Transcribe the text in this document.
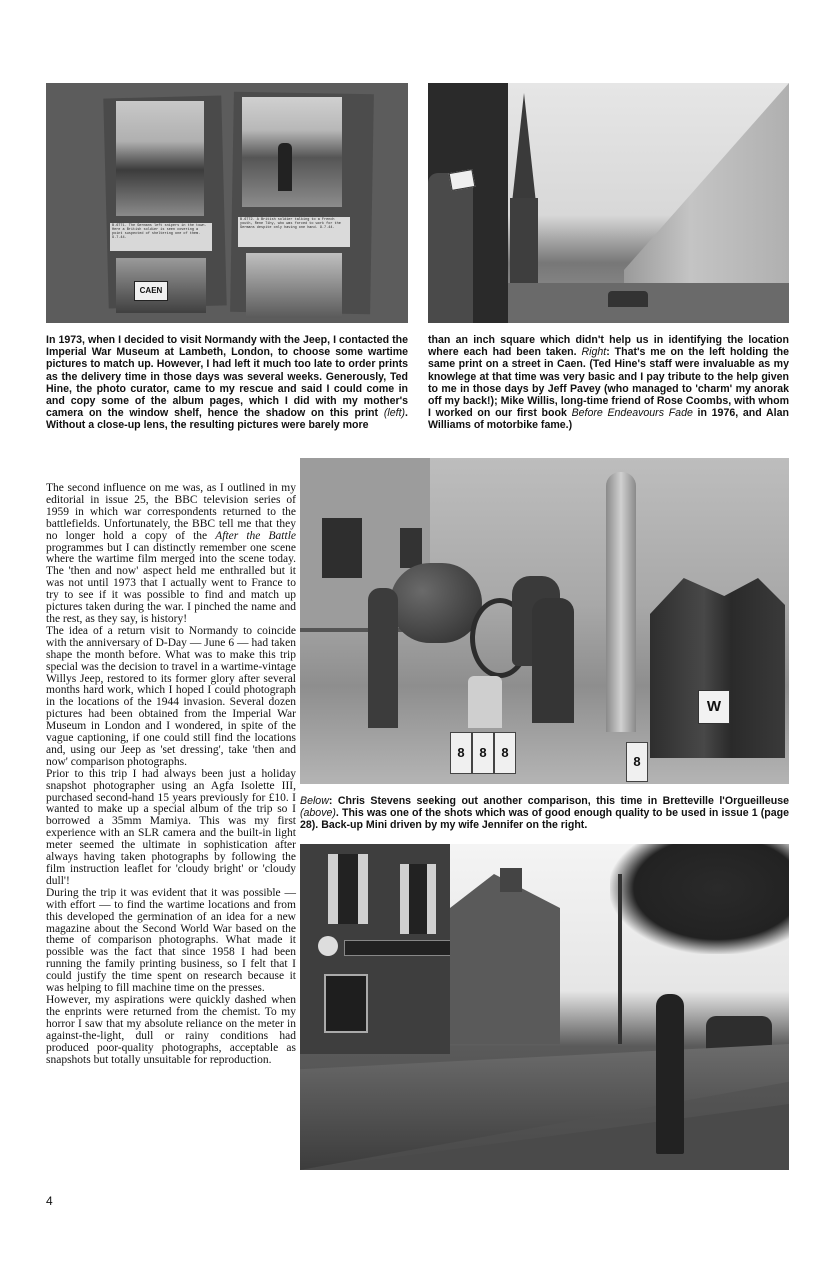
B.6771. The Germans left snipers in the town. Here a British soldier is seen covering a point suspected of sheltering one of them. 9.7.44.
CAEN
B.6772. A British soldier talking to a French youth, Rene Tihy, who was forced to work for the Germans despite only having one hand. 9.7.44.
In 1973, when I decided to visit Normandy with the Jeep, I contacted the Imperial War Museum at Lambeth, London, to choose some wartime pictures to match up. However, I had left it much too late to order prints as the delivery time in those days was several weeks. Generously, Ted Hine, the photo curator, came to my rescue and said I could come in and copy some of the album pages, which I did with my mother's camera on the window shelf, hence the shadow on this print (left). Without a close-up lens, the resulting pictures were barely more
than an inch square which didn't help us in identifying the location where each had been taken. Right: That's me on the left holding the same print on a street in Caen. (Ted Hine's staff were invaluable as my knowlege at that time was very basic and I pay tribute to the help given to me in those days by Jeff Pavey (who managed to 'charm' my anorak off my back!); Mike Willis, long-time friend of Rose Coombs, with whom I worked on our first book Before Endeavours Fade in 1976, and Alan Williams of motorbike fame.)

The second influence on me was, as I outlined in my editorial in issue 25, the BBC television series of 1959 in which war correspondents returned to the battlefields. Unfortunately, the BBC tell me that they no longer hold a copy of the After the Battle programmes but I can distinctly remember one scene where the wartime film merged into the scene today. The 'then and now' aspect held me enthralled but it was not until 1973 that I actually went to France to try to see if it was possible to find and match up pictures taken during the war. I pinched the name and the rest, as they say, is history!

The idea of a return visit to Normandy to coincide with the anniversary of D-Day — June 6 — had taken shape the month before. What was to make this trip special was the decision to travel in a wartime-vintage Willys Jeep, restored to its former glory after several months hard work, which I hoped I could photograph in the locations of the 1944 invasion. Several dozen pictures had been obtained from the Imperial War Museum in London and I wondered, in spite of the vague captioning, if one could still find the locations and, using our Jeep as 'set dressing', take 'then and now' comparison photographs.

Prior to this trip I had always been just a holiday snapshot photographer using an Agfa Isolette III, purchased second-hand 15 years previously for £10. I wanted to make up a special album of the trip so I borrowed a 35mm Mamiya. This was my first experience with an SLR camera and the built-in light meter seemed the ultimate in sophistication after always having taken photographs by following the film instruction leaflet for 'cloudy bright' or 'cloudy dull'!

During the trip it was evident that it was possible — with effort — to find the wartime locations and from this developed the germination of an idea for a new magazine about the Second World War based on the theme of comparison photographs. What made it possible was the fact that since 1958 I had been running the family printing business, so I felt that I could justify the time spent on research because it was helping to fill machine time on the presses.

However, my aspirations were quickly dashed when the enprints were returned from the chemist. To my horror I saw that my absolute reliance on the meter in against-the-light, dull or rainy conditions had produced poor-quality photographs, acceptable as snapshots but totally unsuitable for reproduction.

W
8	8	8
8
Below: Chris Stevens seeking out another comparison, this time in Bretteville l'Orgueilleuse (above). This was one of the shots which was of good enough quality to be used in issue 1 (page 28). Back-up Mini driven by my wife Jennifer on the right.
4
